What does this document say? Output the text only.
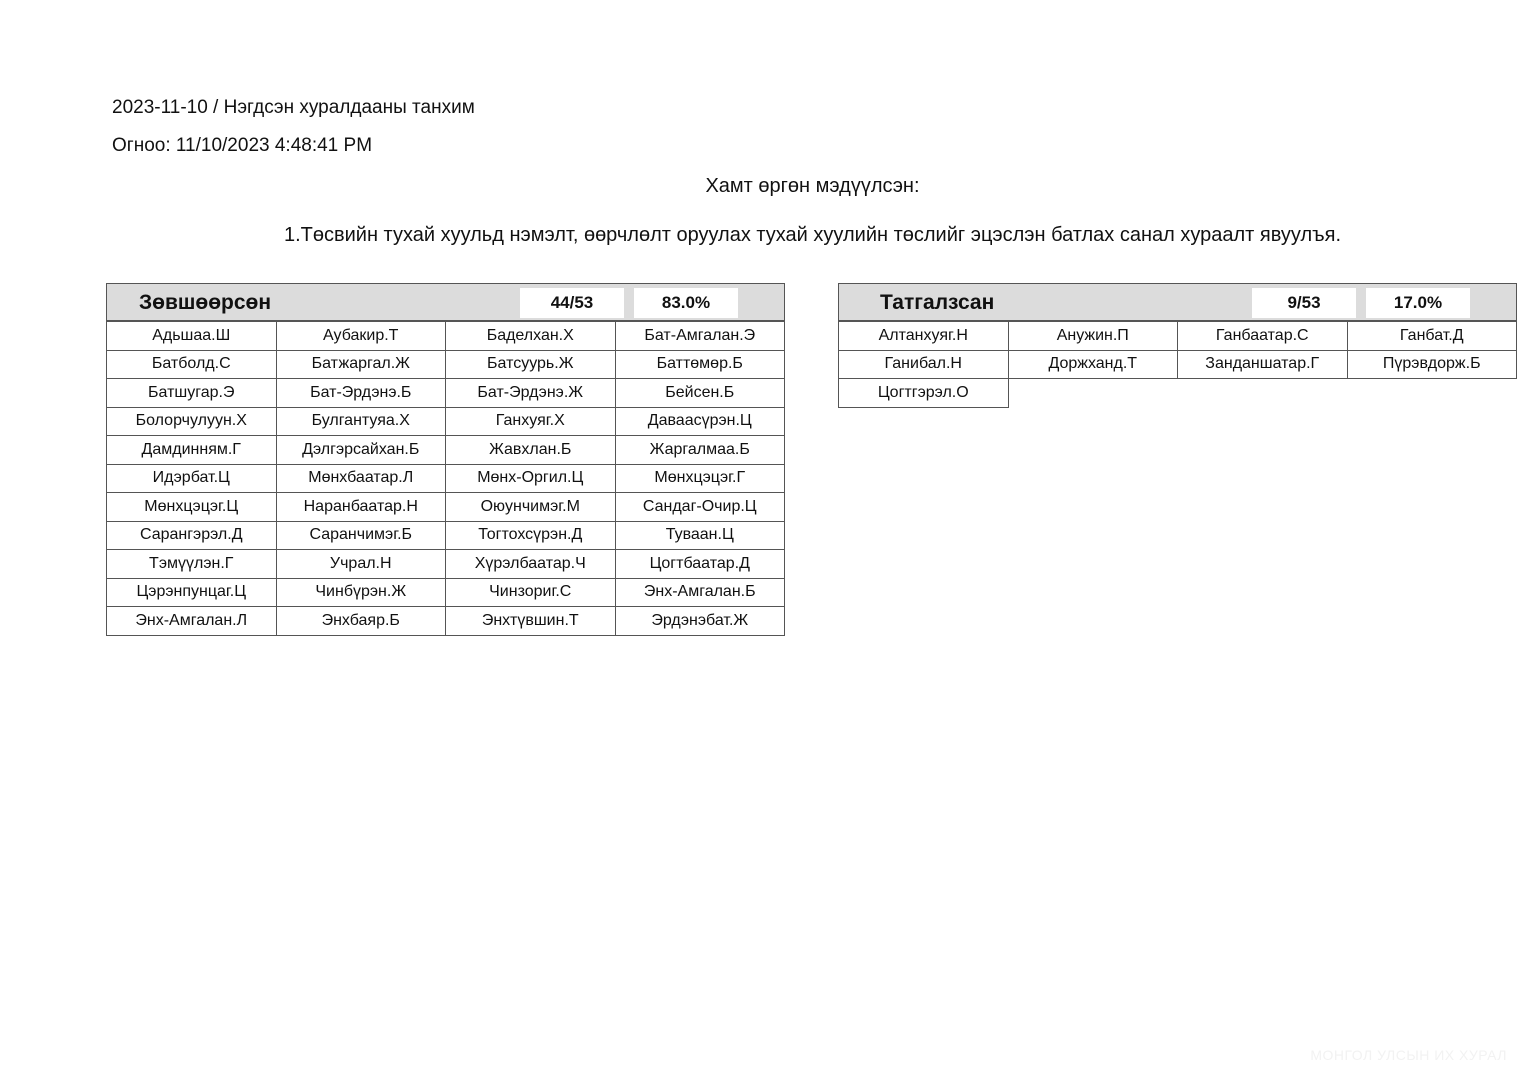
2023-11-10 / Нэгдсэн хуралдааны танхим
Огноо: 11/10/2023 4:48:41 PM
Хамт өргөн мэдүүлсэн:
1.Төсвийн тухай хуульд нэмэлт, өөрчлөлт оруулах тухай хуулийн төслийг эцэслэн батлах санал хураалт явуулъя.
Зөвшөөрсөн	44/53	83.0%
Адьшаа.Ш	Аубакир.Т	Баделхан.Х	Бат-Амгалан.Э
Батболд.С	Батжаргал.Ж	Батсуурь.Ж	Баттөмөр.Б
Батшугар.Э	Бат-Эрдэнэ.Б	Бат-Эрдэнэ.Ж	Бейсен.Б
Болорчулуун.Х	Булгантуяа.Х	Ганхуяг.Х	Даваасүрэн.Ц
Дамдинням.Г	Дэлгэрсайхан.Б	Жавхлан.Б	Жаргалмаа.Б
Идэрбат.Ц	Мөнхбаатар.Л	Мөнх-Оргил.Ц	Мөнхцэцэг.Г
Мөнхцэцэг.Ц	Наранбаатар.Н	Оюунчимэг.М	Сандаг-Очир.Ц
Сарангэрэл.Д	Саранчимэг.Б	Тогтохсүрэн.Д	Туваан.Ц
Тэмүүлэн.Г	Учрал.Н	Хүрэлбаатар.Ч	Цогтбаатар.Д
Цэрэнпунцаг.Ц	Чинбүрэн.Ж	Чинзориг.С	Энх-Амгалан.Б
Энх-Амгалан.Л	Энхбаяр.Б	Энхтүвшин.Т	Эрдэнэбат.Ж
Татгалзсан	9/53	17.0%
Алтанхуяг.Н	Анужин.П	Ганбаатар.С	Ганбат.Д
Ганибал.Н	Доржханд.Т	Занданшатар.Г	Пүрэвдорж.Б
Цогтгэрэл.О			
МОНГОЛ УЛСЫН ИХ ХУРАЛ
